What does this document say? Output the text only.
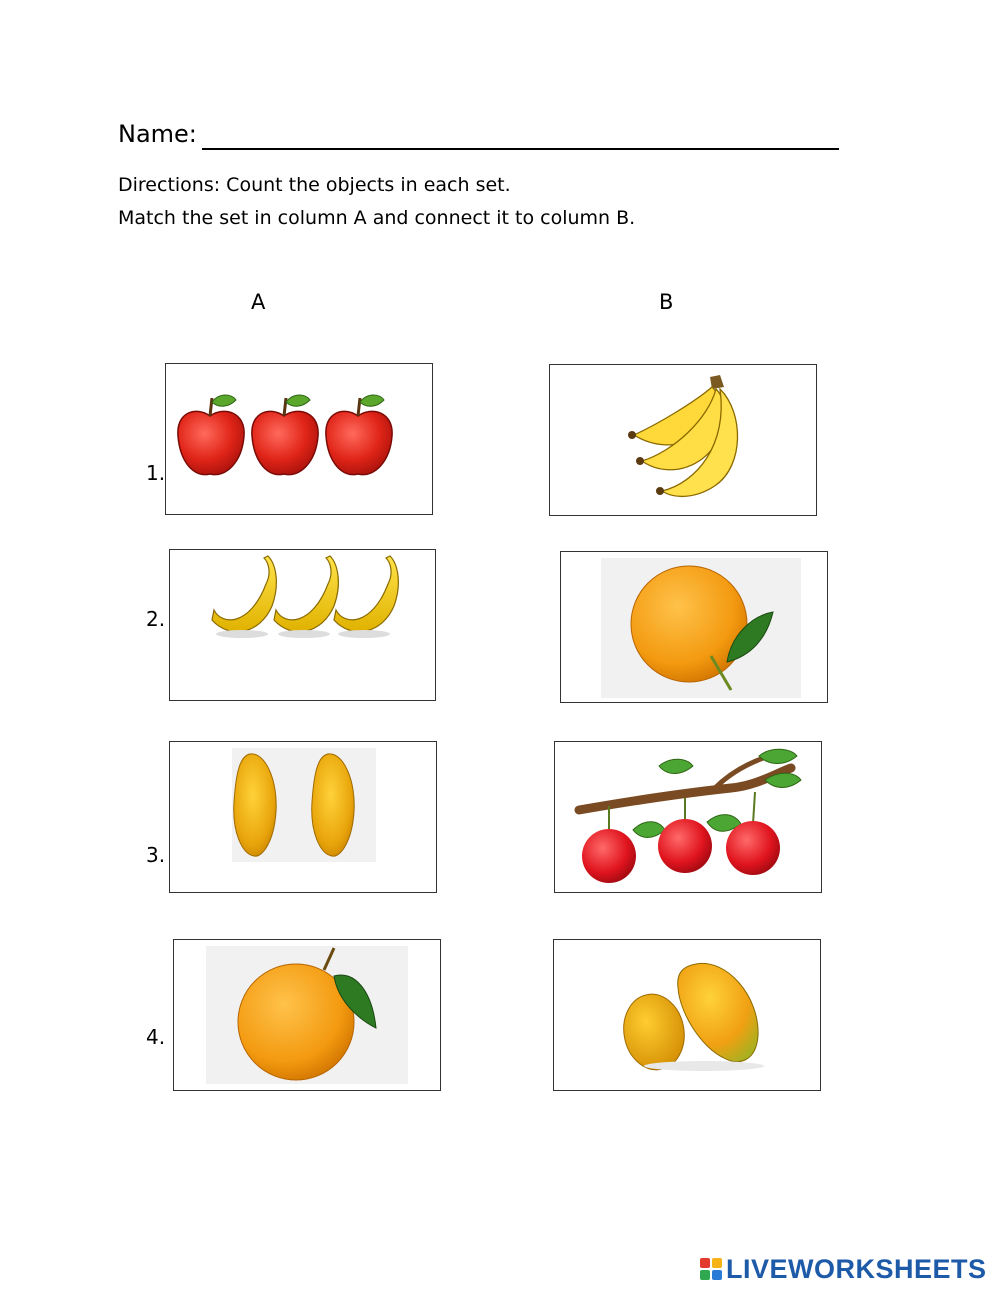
Name:
Directions: Count the objects in each set.
Match the set in column A and connect it to column B.
A	B
1.
2.
3.
4.
LIVEWORKSHEETS
